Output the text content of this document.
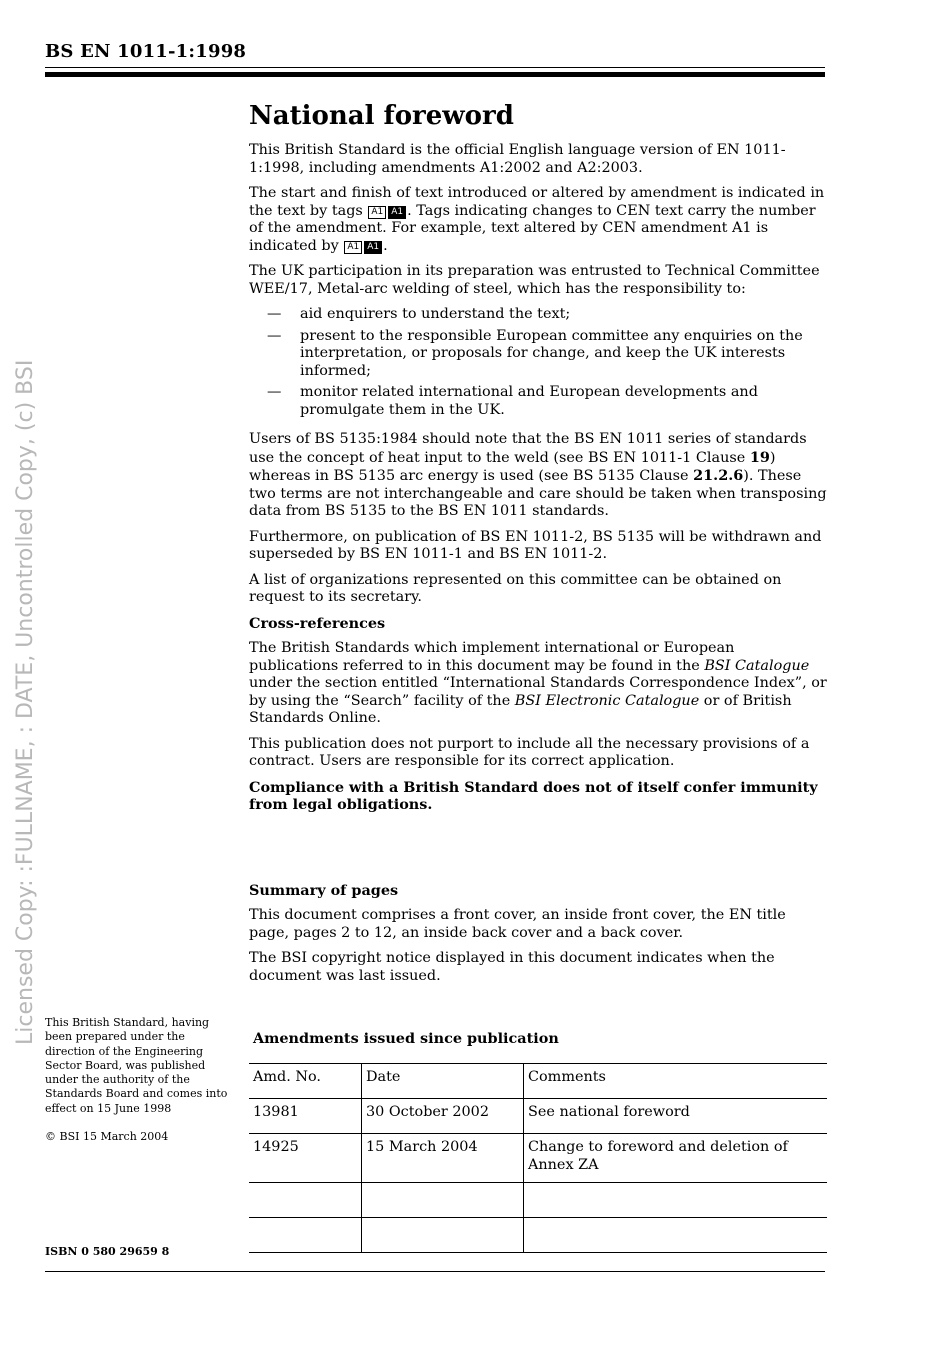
BS EN 1011-1:1998
Licensed Copy: :FULLNAME, : DATE, Uncontrolled Copy, (c) BSI
National foreword

This British Standard is the official English language version of EN 1011-1:1998, including amendments A1:2002 and A2:2003.

The start and finish of text introduced or altered by amendment is indicated in the text by tags A1 A1 . Tags indicating changes to CEN text carry the number of the amendment. For example, text altered by CEN amendment A1 is indicated by A1 A1 .

The UK participation in its preparation was entrusted to Technical Committee WEE/17, Metal-arc welding of steel, which has the responsibility to:

— aid enquirers to understand the text;
— present to the responsible European committee any enquiries on the interpretation, or proposals for change, and keep the UK interests informed;
— monitor related international and European developments and promulgate them in the UK.

Users of BS 5135:1984 should note that the BS EN 1011 series of standards use the concept of heat input to the weld (see BS EN 1011-1 Clause 19) whereas in BS 5135 arc energy is used (see BS 5135 Clause 21.2.6). These two terms are not interchangeable and care should be taken when transposing data from BS 5135 to the BS EN 1011 standards.

Furthermore, on publication of BS EN 1011-2, BS 5135 will be withdrawn and superseded by BS EN 1011-1 and BS EN 1011-2.

A list of organizations represented on this committee can be obtained on request to its secretary.

Cross-references

The British Standards which implement international or European publications referred to in this document may be found in the BSI Catalogue under the section entitled “International Standards Correspondence Index”, or by using the “Search” facility of the BSI Electronic Catalogue or of British Standards Online.

This publication does not purport to include all the necessary provisions of a contract. Users are responsible for its correct application.

Compliance with a British Standard does not of itself confer immunity from legal obligations.

Summary of pages

This document comprises a front cover, an inside front cover, the EN title page, pages 2 to 12, an inside back cover and a back cover.

The BSI copyright notice displayed in this document indicates when the document was last issued.

This British Standard, having been prepared under the direction of the Engineering Sector Board, was published under the authority of the Standards Board and comes into effect on 15 June 1998
© BSI 15 March 2004
ISBN 0 580 29659 8
Amendments issued since publication
Amd. No.	Date	Comments
13981	30 October 2002	See national foreword
14925	15 March 2004	Change to foreword and deletion of Annex ZA
